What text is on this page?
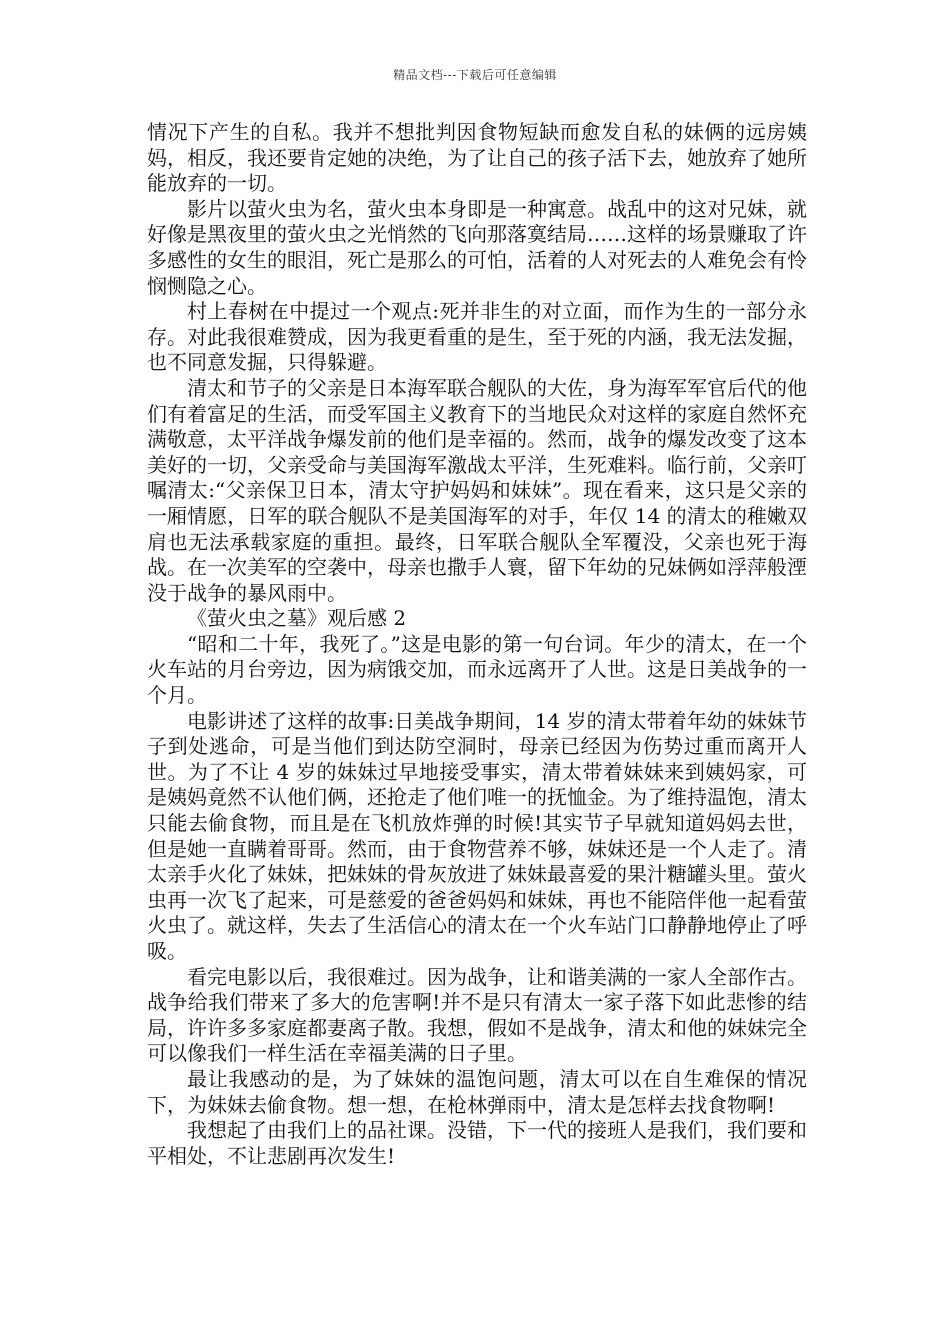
精品文档---下载后可任意编辑

情况下产生的自私。我并不想批判因食物短缺而愈发自私的妹俩的远房姨妈，相反，我还要肯定她的决绝，为了让自己的孩子活下去，她放弃了她所能放弃的一切。

影片以萤火虫为名，萤火虫本身即是一种寓意。战乱中的这对兄妹，就好像是黑夜里的萤火虫之光悄然的飞向那落寞结局……这样的场景赚取了许多感性的女生的眼泪，死亡是那么的可怕，活着的人对死去的人难免会有怜悯恻隐之心。

村上春树在中提过一个观点:死并非生的对立面，而作为生的一部分永存。对此我很难赞成，因为我更看重的是生，至于死的内涵，我无法发掘，也不同意发掘，只得躲避。

清太和节子的父亲是日本海军联合舰队的大佐，身为海军军官后代的他们有着富足的生活，而受军国主义教育下的当地民众对这样的家庭自然怀充满敬意，太平洋战争爆发前的他们是幸福的。然而，战争的爆发改变了这本美好的一切，父亲受命与美国海军激战太平洋，生死难料。临行前，父亲叮嘱清太:“父亲保卫日本，清太守护妈妈和妹妹”。现在看来，这只是父亲的一厢情愿，日军的联合舰队不是美国海军的对手，年仅 14 的清太的稚嫩双肩也无法承载家庭的重担。最终，日军联合舰队全军覆没，父亲也死于海战。在一次美军的空袭中，母亲也撒手人寰，留下年幼的兄妹俩如浮萍般湮没于战争的暴风雨中。

《萤火虫之墓》观后感 2

“昭和二十年，我死了。”这是电影的第一句台词。年少的清太，在一个火车站的月台旁边，因为病饿交加，而永远离开了人世。这是日美战争的一个月。

电影讲述了这样的故事:日美战争期间，14 岁的清太带着年幼的妹妹节子到处逃命，可是当他们到达防空洞时，母亲已经因为伤势过重而离开人世。为了不让 4 岁的妹妹过早地接受事实，清太带着妹妹来到姨妈家，可是姨妈竟然不认他们俩，还抢走了他们唯一的抚恤金。为了维持温饱，清太只能去偷食物，而且是在飞机放炸弹的时候!其实节子早就知道妈妈去世，但是她一直瞒着哥哥。然而，由于食物营养不够，妹妹还是一个人走了。清太亲手火化了妹妹，把妹妹的骨灰放进了妹妹最喜爱的果汁糖罐头里。萤火虫再一次飞了起来，可是慈爱的爸爸妈妈和妹妹，再也不能陪伴他一起看萤火虫了。就这样，失去了生活信心的清太在一个火车站门口静静地停止了呼吸。

看完电影以后，我很难过。因为战争，让和谐美满的一家人全部作古。战争给我们带来了多大的危害啊!并不是只有清太一家子落下如此悲惨的结局，许许多多家庭都妻离子散。我想，假如不是战争，清太和他的妹妹完全可以像我们一样生活在幸福美满的日子里。

最让我感动的是，为了妹妹的温饱问题，清太可以在自生难保的情况下，为妹妹去偷食物。想一想，在枪林弹雨中，清太是怎样去找食物啊!

我想起了由我们上的品社课。没错，下一代的接班人是我们，我们要和平相处，不让悲剧再次发生!
